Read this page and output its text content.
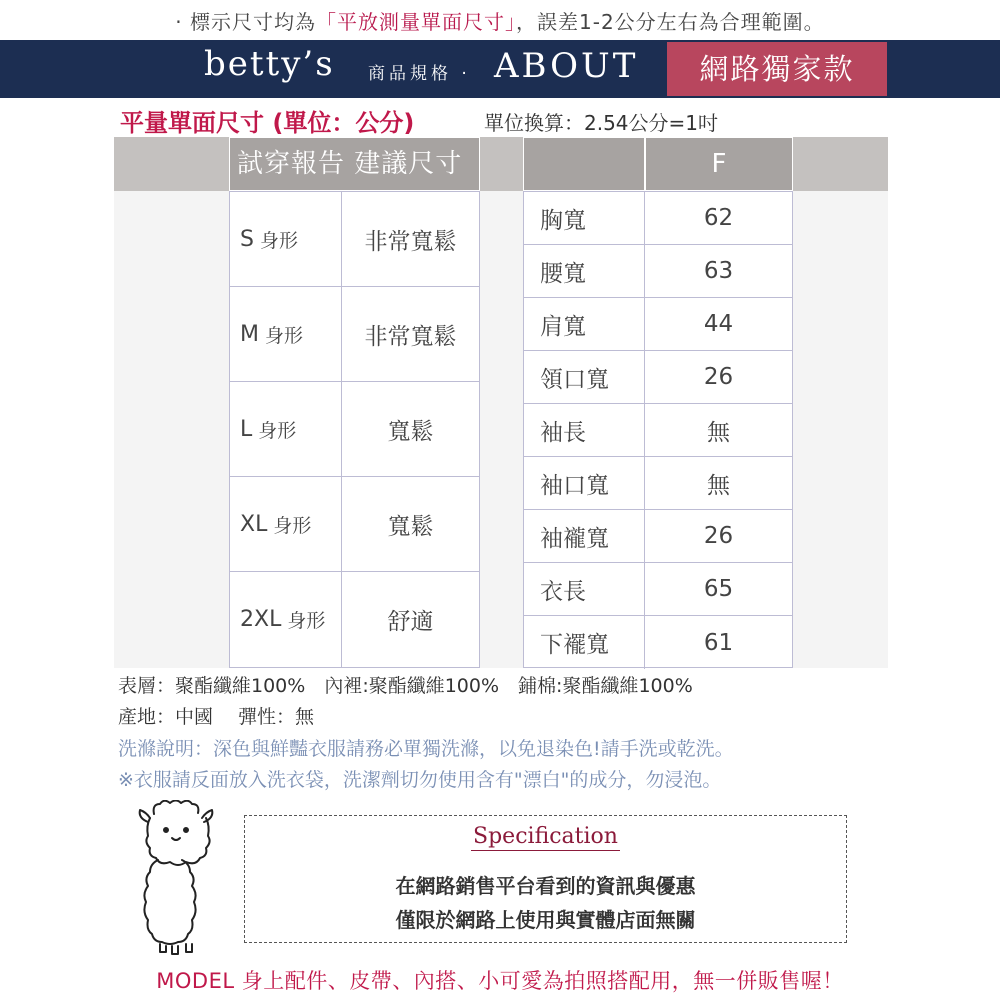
· 標示尺寸均為「平放測量單面尺寸」，誤差1-2公分左右為合理範圍。
betty’s 商品規格 · ABOUT	網路獨家款
平量單面尺寸 (單位：公分)	單位換算：2.54公分=1吋
試穿報告 建議尺寸
S 身形	非常寬鬆
M 身形	非常寬鬆
L 身形	寬鬆
XL 身形	寬鬆
2XL 身形	舒適
F
胸寬	62
腰寬	63
肩寬	44
領口寬	26
袖長	無
袖口寬	無
袖襱寬	26
衣長	65
下襬寬	61
表層：聚酯纖維100%　內裡:聚酯纖維100%　鋪棉:聚酯纖維100%
產地：中國　 彈性：無
洗滌說明：深色與鮮豔衣服請務必單獨洗滌，以免退染色!請手洗或乾洗。
※衣服請反面放入洗衣袋，洗潔劑切勿使用含有"漂白"的成分，勿浸泡。
Specification
在網路銷售平台看到的資訊與優惠
僅限於網路上使用與實體店面無關
MODEL 身上配件、皮帶、內搭、小可愛為拍照搭配用，無一併販售喔！
